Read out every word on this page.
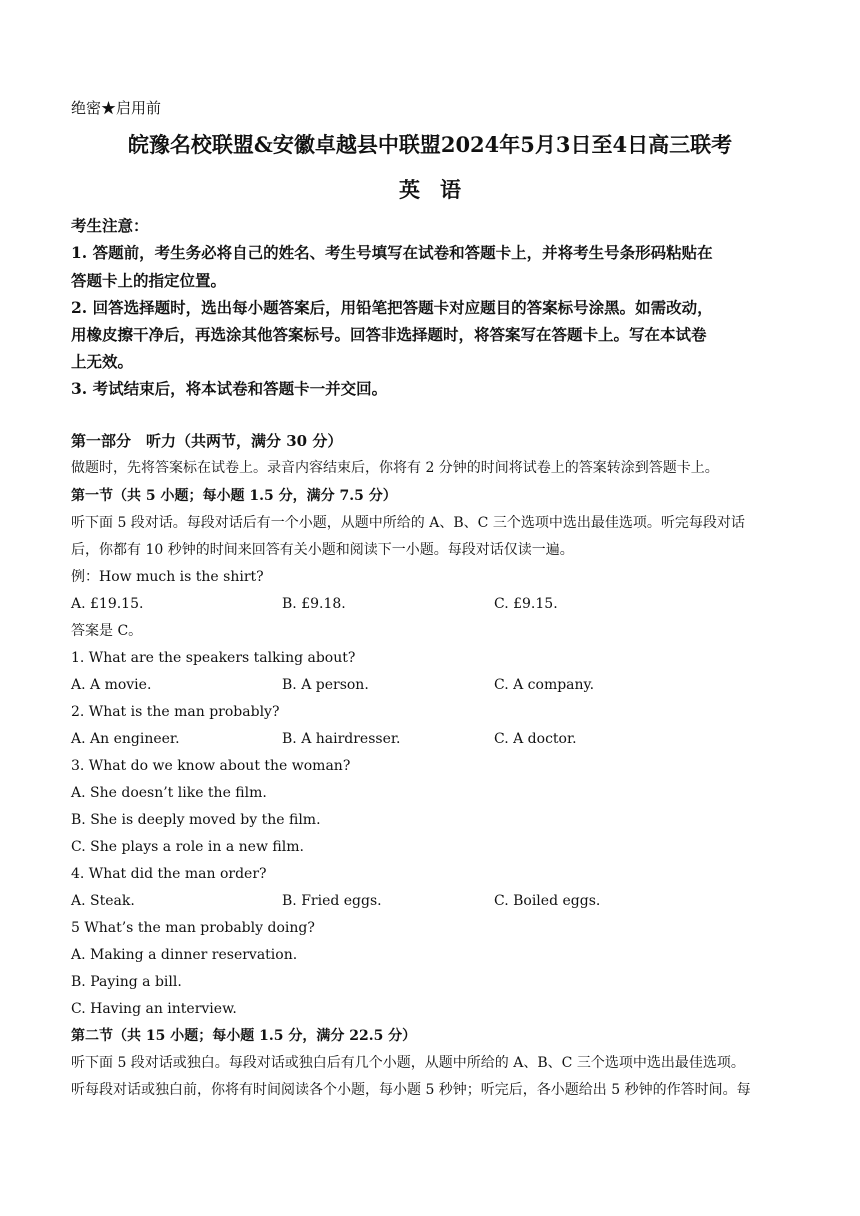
绝密★启用前
皖豫名校联盟&安徽卓越县中联盟2024年5月3日至4日高三联考
英语
考生注意：
1. 答题前，考生务必将自己的姓名、考生号填写在试卷和答题卡上，并将考生号条形码粘贴在
答题卡上的指定位置。
2. 回答选择题时，选出每小题答案后，用铅笔把答题卡对应题目的答案标号涂黑。如需改动，
用橡皮擦干净后，再选涂其他答案标号。回答非选择题时，将答案写在答题卡上。写在本试卷
上无效。
3. 考试结束后，将本试卷和答题卡一并交回。
第一部分　听力（共两节，满分 30 分）
做题时，先将答案标在试卷上。录音内容结束后，你将有 2 分钟的时间将试卷上的答案转涂到答题卡上。
第一节（共 5 小题；每小题 1.5 分，满分 7.5 分）
听下面 5 段对话。每段对话后有一个小题，从题中所给的 A、B、C 三个选项中选出最佳选项。听完每段对话
后，你都有 10 秒钟的时间来回答有关小题和阅读下一小题。每段对话仅读一遍。
例：How much is the shirt?
A. £19.15.	B. £9.18.	C. £9.15.
答案是 C。
1. What are the speakers talking about?
A. A movie.	B. A person.	C. A company.
2. What is the man probably?
A. An engineer.	B. A hairdresser.	C. A doctor.
3. What do we know about the woman?
A. She doesn’t like the film.
B. She is deeply moved by the film.
C. She plays a role in a new film.
4. What did the man order?
A. Steak.	B. Fried eggs.	C. Boiled eggs.
5 What’s the man probably doing?
A. Making a dinner reservation.
B. Paying a bill.
C. Having an interview.
第二节（共 15 小题；每小题 1.5 分，满分 22.5 分）
听下面 5 段对话或独白。每段对话或独白后有几个小题，从题中所给的 A、B、C 三个选项中选出最佳选项。
听每段对话或独白前，你将有时间阅读各个小题，每小题 5 秒钟；听完后，各小题给出 5 秒钟的作答时间。每
